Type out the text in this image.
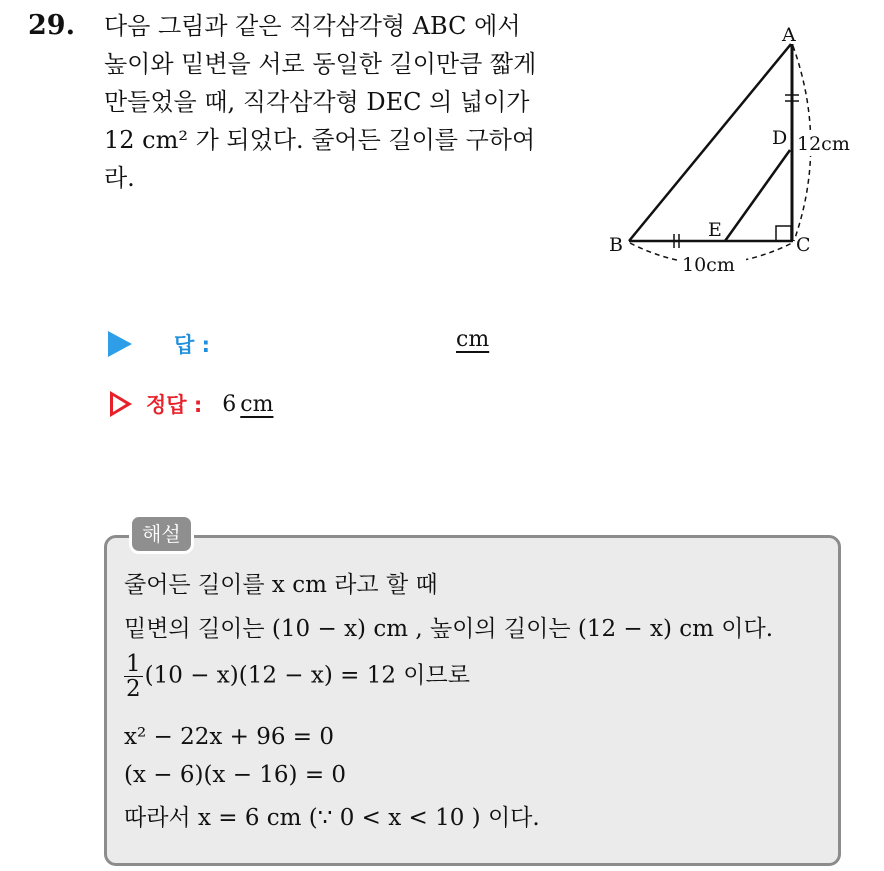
29. 다음 그림과 같은 직각삼각형 ABC 에서
높이와 밑변을 서로 동일한 길이만큼 짧게
만들었을 때, 직각삼각형 DEC 의 넓이가
12 cm² 가 되었다. 줄어든 길이를 구하여
라.
A
D
B
E
C
12cm
10cm
답 :	cm
정답 : 6 cm
해설
줄어든 길이를 x cm 라고 할 때
밑변의 길이는 (10 − x) cm , 높이의 길이는 (12 − x) cm 이다.
$\frac{1}{2} (10 - x)(12 - x) = 12$ 이므로
x² − 22x + 96 = 0
(x − 6)(x − 16) = 0
따라서 x = 6 cm (∵ 0 < x < 10 ) 이다.
